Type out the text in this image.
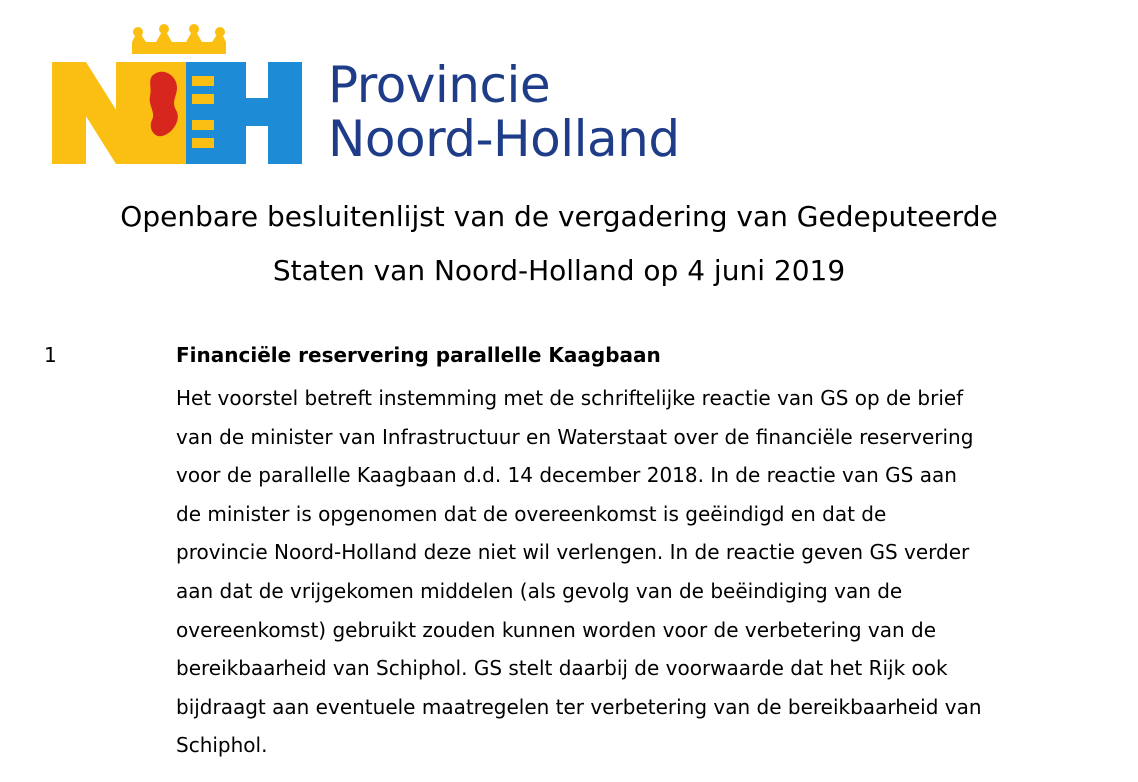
Provincie
Noord-Holland
Openbare besluitenlijst van de vergadering van Gedeputeerde
Staten van Noord-Holland op 4 juni 2019
1	Financiële reservering parallelle Kaagbaan
Het voorstel betreft instemming met de schriftelijke reactie van GS op de brief
van de minister van Infrastructuur en Waterstaat over de financiële reservering
voor de parallelle Kaagbaan d.d. 14 december 2018. In de reactie van GS aan
de minister is opgenomen dat de overeenkomst is geëindigd en dat de
provincie Noord-Holland deze niet wil verlengen. In de reactie geven GS verder
aan dat de vrijgekomen middelen (als gevolg van de beëindiging van de
overeenkomst) gebruikt zouden kunnen worden voor de verbetering van de
bereikbaarheid van Schiphol. GS stelt daarbij de voorwaarde dat het Rijk ook
bijdraagt aan eventuele maatregelen ter verbetering van de bereikbaarheid van
Schiphol.
